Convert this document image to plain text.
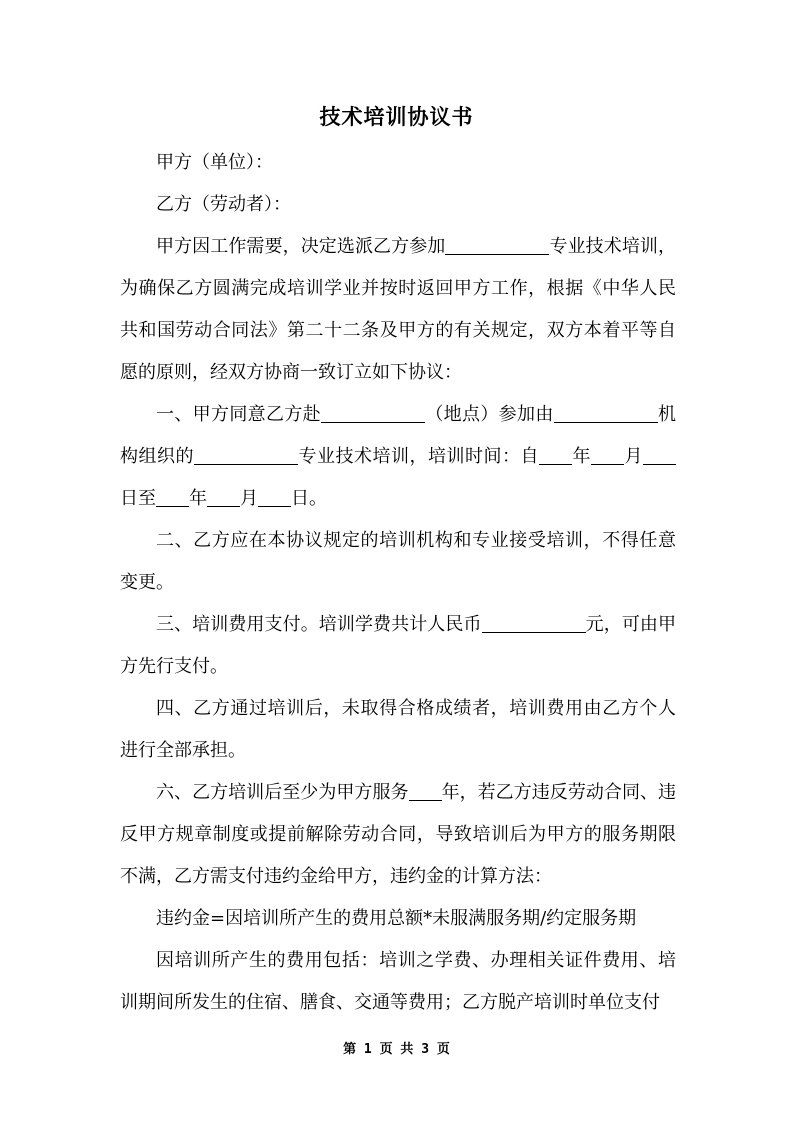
技术培训协议书

甲方（单位）：

乙方（劳动者）：

甲方因工作需要，决定选派乙方参加	专业技术培训，为确保乙方圆满完成培训学业并按时返回甲方工作，根据《中华人民共和国劳动合同法》第二十二条及甲方的有关规定，双方本着平等自愿的原则，经双方协商一致订立如下协议：

一、甲方同意乙方赴	（地点）参加由	机构组织的	专业技术培训，培训时间：自 年 月日至 年 月 日。

二、乙方应在本协议规定的培训机构和专业接受培训，不得任意变更。

三、培训费用支付。培训学费共计人民币	元，可由甲方先行支付。

四、乙方通过培训后，未取得合格成绩者，培训费用由乙方个人进行全部承担。

六、乙方培训后至少为甲方服务 年，若乙方违反劳动合同、违反甲方规章制度或提前解除劳动合同，导致培训后为甲方的服务期限不满，乙方需支付违约金给甲方，违约金的计算方法：

违约金=因培训所产生的费用总额*未服满服务期/约定服务期

因培训所产生的费用包括：培训之学费、办理相关证件费用、培训期间所发生的住宿、膳食、交通等费用；乙方脱产培训时单位支付

第 1 页 共 3 页
